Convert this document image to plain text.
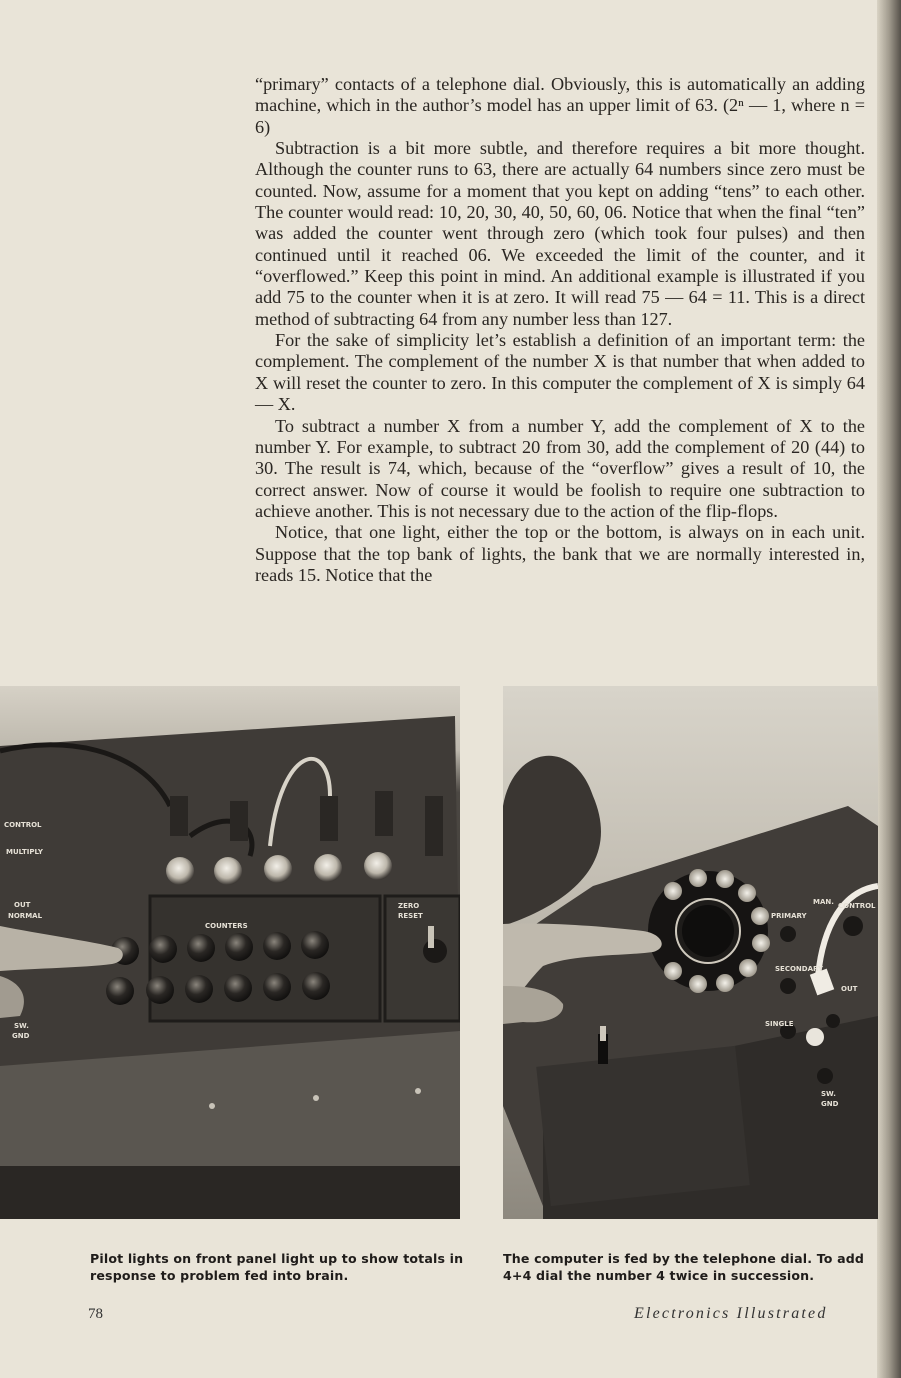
“primary” contacts of a telephone dial. Obviously, this is automatically an adding machine, which in the author’s model has an upper limit of 63. (2ⁿ — 1, where n = 6)

Subtraction is a bit more subtle, and therefore requires a bit more thought. Although the counter runs to 63, there are actually 64 numbers since zero must be counted. Now, assume for a moment that you kept on adding “tens” to each other. The counter would read: 10, 20, 30, 40, 50, 60, 06. Notice that when the final “ten” was added the counter went through zero (which took four pulses) and then continued until it reached 06. We exceeded the limit of the counter, and it “overflowed.” Keep this point in mind. An additional example is illustrated if you add 75 to the counter when it is at zero. It will read 75 — 64 = 11. This is a direct method of subtracting 64 from any number less than 127.

For the sake of simplicity let’s establish a definition of an important term: the complement. The complement of the number X is that number that when added to X will reset the counter to zero. In this computer the complement of X is simply 64 — X.

To subtract a number X from a number Y, add the complement of X to the number Y. For example, to subtract 20 from 30, add the complement of 20 (44) to 30. The result is 74, which, because of the “overflow” gives a result of 10, the correct answer. Now of course it would be foolish to require one subtraction to achieve another. This is not necessary due to the action of the flip-flops.

Notice, that one light, either the top or the bottom, is always on in each unit. Suppose that the top bank of lights, the bank that we are normally interested in, reads 15. Notice that the

CONTROL
MULTIPLY
OUT
NORMAL
COUNTERS
ZERO
RESET
SW.
GND
PRIMARY
MAN. CONTROL
SECONDARY
OUT
SINGLE
SW.
GND
Pilot lights on front panel light up to show totals in response to problem fed into brain.
The computer is fed by the telephone dial. To add 4+4 dial the number 4 twice in succession.
78	Electronics Illustrated
